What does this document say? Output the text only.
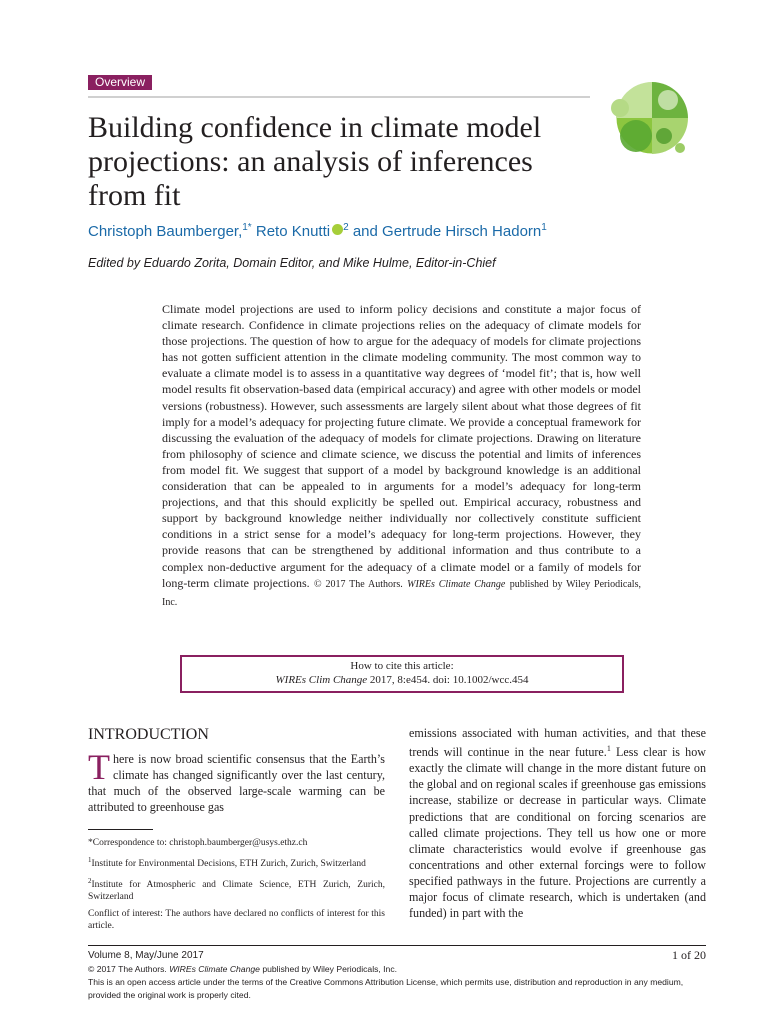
Overview
Building confidence in climate model projections: an analysis of inferences from fit
Christoph Baumberger,$^{1*}$ Reto Knutti $^2$ and Gertrude Hirsch Hadorn$^1$
Edited by Eduardo Zorita, Domain Editor, and Mike Hulme, Editor-in-Chief
Climate model projections are used to inform policy decisions and constitute a major focus of climate research. Confidence in climate projections relies on the adequacy of climate models for those projections. The question of how to argue for the adequacy of models for climate projections has not gotten sufficient attention in the climate modeling community. The most common way to evaluate a climate model is to assess in a quantitative way degrees of ‘model fit’; that is, how well model results fit observation-based data (empirical accuracy) and agree with other models or model versions (robustness). However, such assessments are largely silent about what those degrees of fit imply for a model’s adequacy for projecting future climate. We provide a conceptual framework for discussing the evaluation of the adequacy of models for climate projections. Drawing on literature from philosophy of science and climate science, we discuss the potential and limits of inferences from model fit. We suggest that support of a model by background knowledge is an additional consideration that can be appealed to in arguments for a model’s adequacy for long-term projections, and that this should explicitly be spelled out. Empirical accuracy, robustness and support by background knowledge neither individually nor collectively constitute sufficient conditions in a strict sense for a model’s adequacy for long-term projections. However, they provide reasons that can be strengthened by additional information and thus contribute to a complex non-deductive argument for the adequacy of a climate model or a family of models for long-term climate projections. © 2017 The Authors. WIREs Climate Change published by Wiley Periodicals, Inc.
How to cite this article:
WIREs Clim Change 2017, 8:e454. doi: 10.1002/wcc.454
INTRODUCTION

There is now broad scientific consensus that the Earth’s climate has changed significantly over the last century, that much of the observed large-scale warming can be attributed to greenhouse gas

*Correspondence to: christoph.baumberger@usys.ethz.ch

$^1$Institute for Environmental Decisions, ETH Zurich, Zurich, Switzerland

$^2$Institute for Atmospheric and Climate Science, ETH Zurich, Zurich, Switzerland

Conflict of interest: The authors have declared no conflicts of interest for this article.

emissions associated with human activities, and that these trends will continue in the near future.$^1$ Less clear is how exactly the climate will change in the more distant future on the global and on regional scales if greenhouse gas emissions increase, stabilize or decrease in particular ways. Climate predictions that are conditional on forcing scenarios are called climate projections. They tell us how one or more climate characteristics would evolve if greenhouse gas concentrations and other external forcings were to follow specified pathways in the future. Projections are currently a major focus of climate research, which is undertaken (and funded) in part with the
Volume 8, May/June 2017	1 of 20
© 2017 The Authors. WIREs Climate Change published by Wiley Periodicals, Inc.
This is an open access article under the terms of the Creative Commons Attribution License, which permits use, distribution and reproduction in any medium, provided the original work is properly cited.
